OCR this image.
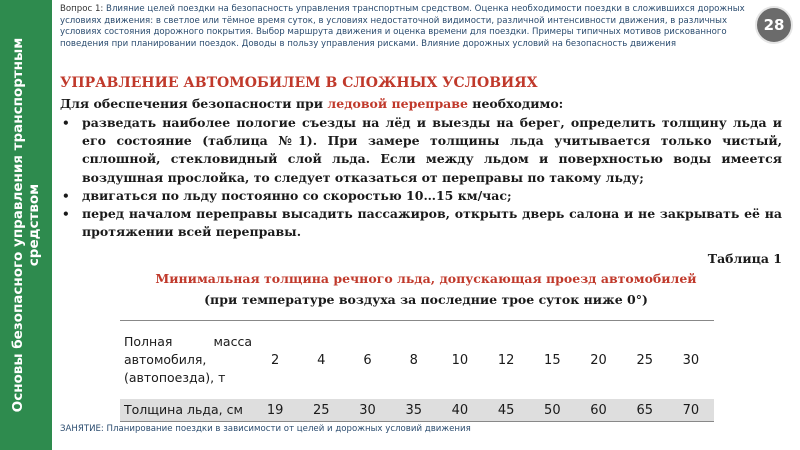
Основы безопасного управления транспортным средством
Вопрос 1: Влияние целей поездки на безопасность управления транспортным средством. Оценка необходимости поездки в сложившихся дорожных условиях движения: в светлое или тёмное время суток, в условиях недостаточной видимости, различной интенсивности движения, в различных условиях состояния дорожного покрытия. Выбор маршрута движения и оценка времени для поездки. Примеры типичных мотивов рискованного поведения при планировании поездок. Доводы в пользу управления рисками. Влияние дорожных условий на безопасность движения
28
УПРАВЛЕНИЕ АВТОМОБИЛЕМ В СЛОЖНЫХ УСЛОВИЯХ
Для обеспечения безопасности при ледовой переправе необходимо:
• разведать наиболее пологие съезды на лёд и выезды на берег, определить толщину льда и его состояние (таблица №1). При замере толщины льда учитывается только чистый, сплошной, стекловидный слой льда. Если между льдом и поверхностью воды имеется воздушная прослойка, то следует отказаться от переправы по такому льду;
• двигаться по льду постоянно со скоростью 10…15 км/час;
• перед началом переправы высадить пассажиров, открыть дверь салона и не закрывать её на протяжении всей переправы.
Таблица 1
Минимальная толщина речного льда, допускающая проезд автомобилей
(при температуре воздуха за последние трое суток ниже 0°)
Полная	масса
автомобиля,
(автопоезда), т
2	4	6	8	10	12	15	20	25	30
Толщина льда, см	19	25	30	35	40	45	50	60	65	70
ЗАНЯТИЕ: Планирование поездки в зависимости от целей и дорожных условий движения
